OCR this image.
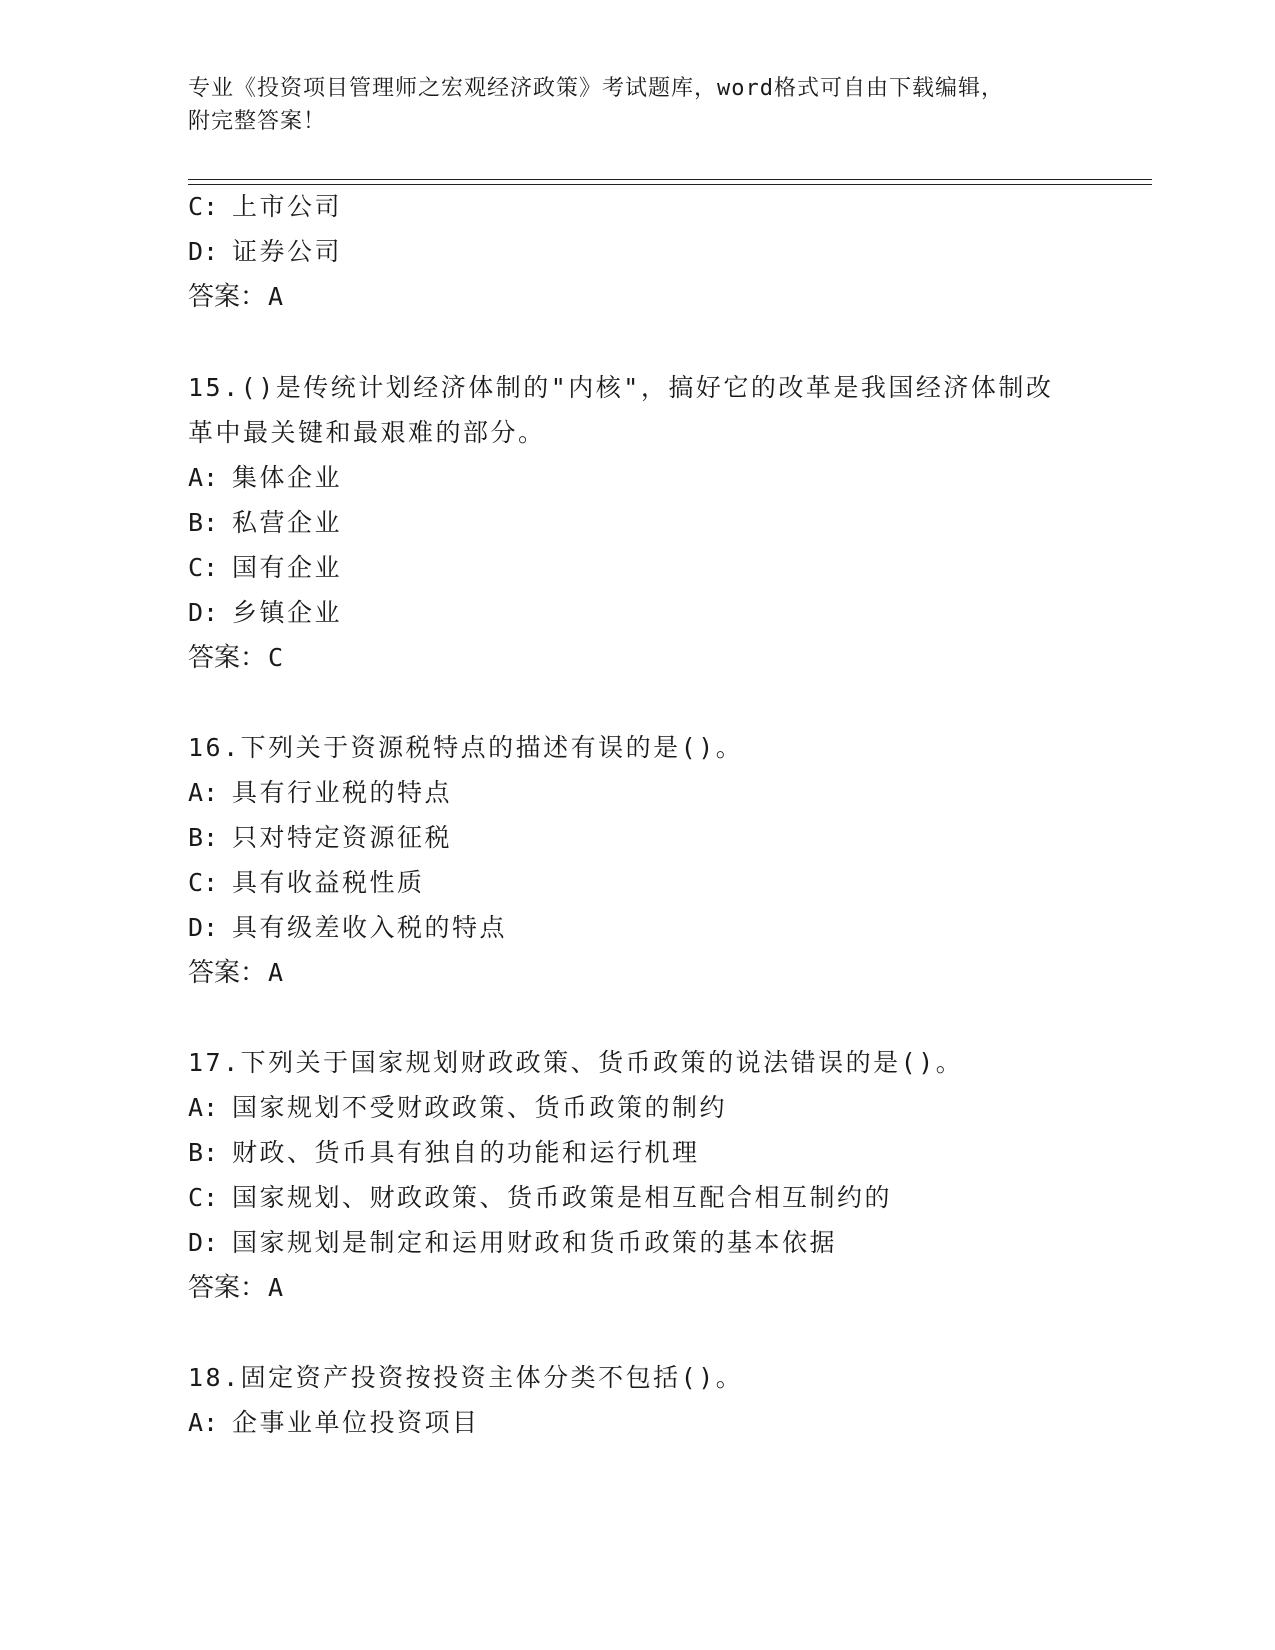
专业《投资项目管理师之宏观经济政策》考试题库，word格式可自由下载编辑，
附完整答案！
C: 上市公司
D: 证券公司
答案：A
15.()是传统计划经济体制的"内核"，搞好它的改革是我国经济体制改
革中最关键和最艰难的部分。
A: 集体企业
B: 私营企业
C: 国有企业
D: 乡镇企业
答案：C
16.下列关于资源税特点的描述有误的是()。
A: 具有行业税的特点
B: 只对特定资源征税
C: 具有收益税性质
D: 具有级差收入税的特点
答案：A
17.下列关于国家规划财政政策、货币政策的说法错误的是()。
A: 国家规划不受财政政策、货币政策的制约
B: 财政、货币具有独自的功能和运行机理
C: 国家规划、财政政策、货币政策是相互配合相互制约的
D: 国家规划是制定和运用财政和货币政策的基本依据
答案：A
18.固定资产投资按投资主体分类不包括()。
A: 企事业单位投资项目
